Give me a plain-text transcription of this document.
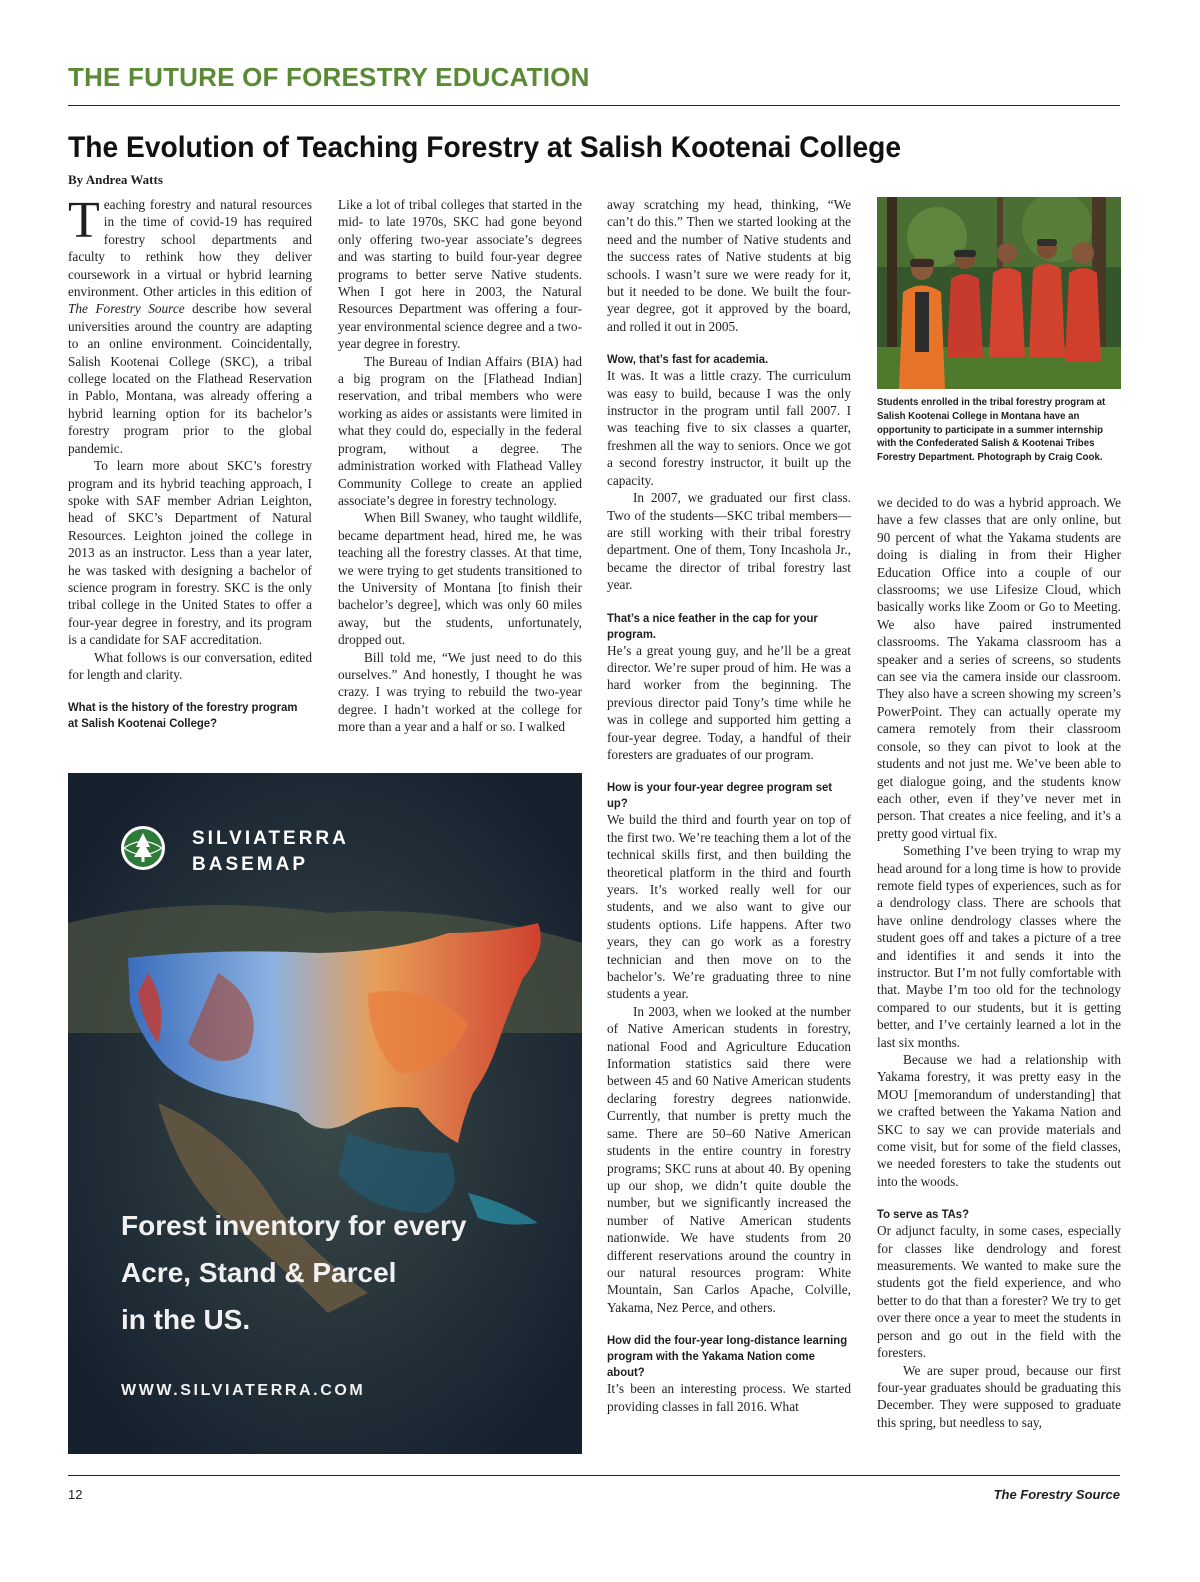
THE FUTURE OF FORESTRY EDUCATION
The Evolution of Teaching Forestry at Salish Kootenai College
By Andrea Watts

Teaching forestry and natural resources in the time of covid-19 has required forestry school departments and faculty to rethink how they deliver coursework in a virtual or hybrid learning environment. Other articles in this edition of The Forestry Source describe how several universities around the country are adapting to an online environment. Coincidentally, Salish Kootenai College (SKC), a tribal college located on the Flathead Reservation in Pablo, Montana, was already offering a hybrid learning option for its bachelor’s forestry program prior to the global pandemic.

To learn more about SKC’s forestry program and its hybrid teaching approach, I spoke with SAF member Adrian Leighton, head of SKC’s Department of Natural Resources. Leighton joined the college in 2013 as an instructor. Less than a year later, he was tasked with designing a bachelor of science program in forestry. SKC is the only tribal college in the United States to offer a four-year degree in forestry, and its program is a candidate for SAF accreditation.

What follows is our conversation, edited for length and clarity.

What is the history of the forestry program at Salish Kootenai College?

Like a lot of tribal colleges that started in the mid- to late 1970s, SKC had gone beyond only offering two-year associate’s degrees and was starting to build four-year degree programs to better serve Native students. When I got here in 2003, the Natural Resources Department was offering a four-year environmental science degree and a two-year degree in forestry.

The Bureau of Indian Affairs (BIA) had a big program on the [Flathead Indian] reservation, and tribal members who were working as aides or assistants were limited in what they could do, especially in the federal program, without a degree. The administration worked with Flathead Valley Community College to create an applied associate’s degree in forestry technology.

When Bill Swaney, who taught wildlife, became department head, hired me, he was teaching all the forestry classes. At that time, we were trying to get students transitioned to the University of Montana [to finish their bachelor’s degree], which was only 60 miles away, but the students, unfortunately, dropped out.

Bill told me, “We just need to do this ourselves.” And honestly, I thought he was crazy. I was trying to rebuild the two-year degree. I hadn’t worked at the college for more than a year and a half or so. I walked

away scratching my head, thinking, “We can’t do this.” Then we started looking at the need and the number of Native students and the success rates of Native students at big schools. I wasn’t sure we were ready for it, but it needed to be done. We built the four-year degree, got it approved by the board, and rolled it out in 2005.

Wow, that’s fast for academia.

It was. It was a little crazy. The curriculum was easy to build, because I was the only instructor in the program until fall 2007. I was teaching five to six classes a quarter, freshmen all the way to seniors. Once we got a second forestry instructor, it built up the capacity.

In 2007, we graduated our first class. Two of the students—SKC tribal members—are still working with their tribal forestry department. One of them, Tony Incashola Jr., became the director of tribal forestry last year.

That’s a nice feather in the cap for your program.

He’s a great young guy, and he’ll be a great director. We’re super proud of him. He was a hard worker from the beginning. The previous director paid Tony’s time while he was in college and supported him getting a four-year degree. Today, a handful of their foresters are graduates of our program.

How is your four-year degree program set up?

We build the third and fourth year on top of the first two. We’re teaching them a lot of the technical skills first, and then building the theoretical platform in the third and fourth years. It’s worked really well for our students, and we also want to give our students options. Life happens. After two years, they can go work as a forestry technician and then move on to the bachelor’s. We’re graduating three to nine students a year.

In 2003, when we looked at the number of Native American students in forestry, national Food and Agriculture Education Information statistics said there were between 45 and 60 Native American students declaring forestry degrees nationwide. Currently, that number is pretty much the same. There are 50–60 Native American students in the entire country in forestry programs; SKC runs at about 40. By opening up our shop, we didn’t quite double the number, but we significantly increased the number of Native American students nationwide. We have students from 20 different reservations around the country in our natural resources program: White Mountain, San Carlos Apache, Colville, Yakama, Nez Perce, and others.

How did the four-year long-distance learning program with the Yakama Nation come about?

It’s been an interesting process. We started providing classes in fall 2016. What

Students enrolled in the tribal forestry program at Salish Kootenai College in Montana have an opportunity to participate in a summer internship with the Confederated Salish & Kootenai Tribes Forestry Department. Photograph by Craig Cook.

we decided to do was a hybrid approach. We have a few classes that are only online, but 90 percent of what the Yakama students are doing is dialing in from their Higher Education Office into a couple of our classrooms; we use Lifesize Cloud, which basically works like Zoom or Go to Meeting. We also have paired instrumented classrooms. The Yakama classroom has a speaker and a series of screens, so students can see via the camera inside our classroom. They also have a screen showing my screen’s PowerPoint. They can actually operate my camera remotely from their classroom console, so they can pivot to look at the students and not just me. We’ve been able to get dialogue going, and the students know each other, even if they’ve never met in person. That creates a nice feeling, and it’s a pretty good virtual fix.

Something I’ve been trying to wrap my head around for a long time is how to provide remote field types of experiences, such as for a dendrology class. There are schools that have online dendrology classes where the student goes off and takes a picture of a tree and identifies it and sends it into the instructor. But I’m not fully comfortable with that. Maybe I’m too old for the technology compared to our students, but it is getting better, and I’ve certainly learned a lot in the last six months.

Because we had a relationship with Yakama forestry, it was pretty easy in the MOU [memorandum of understanding] that we crafted between the Yakama Nation and SKC to say we can provide materials and come visit, but for some of the field classes, we needed foresters to take the students out into the woods.

To serve as TAs?

Or adjunct faculty, in some cases, especially for classes like dendrology and forest measurements. We wanted to make sure the students got the field experience, and who better to do that than a forester? We try to get over there once a year to meet the students in person and go out in the field with the foresters.

We are super proud, because our first four-year graduates should be graduating this December. They were supposed to graduate this spring, but needless to say,

SILVIATERRA
BASEMAP
Forest inventory for every
Acre, Stand & Parcel
in the US.
WWW.SILVIATERRA.COM
12	The Forestry Source
